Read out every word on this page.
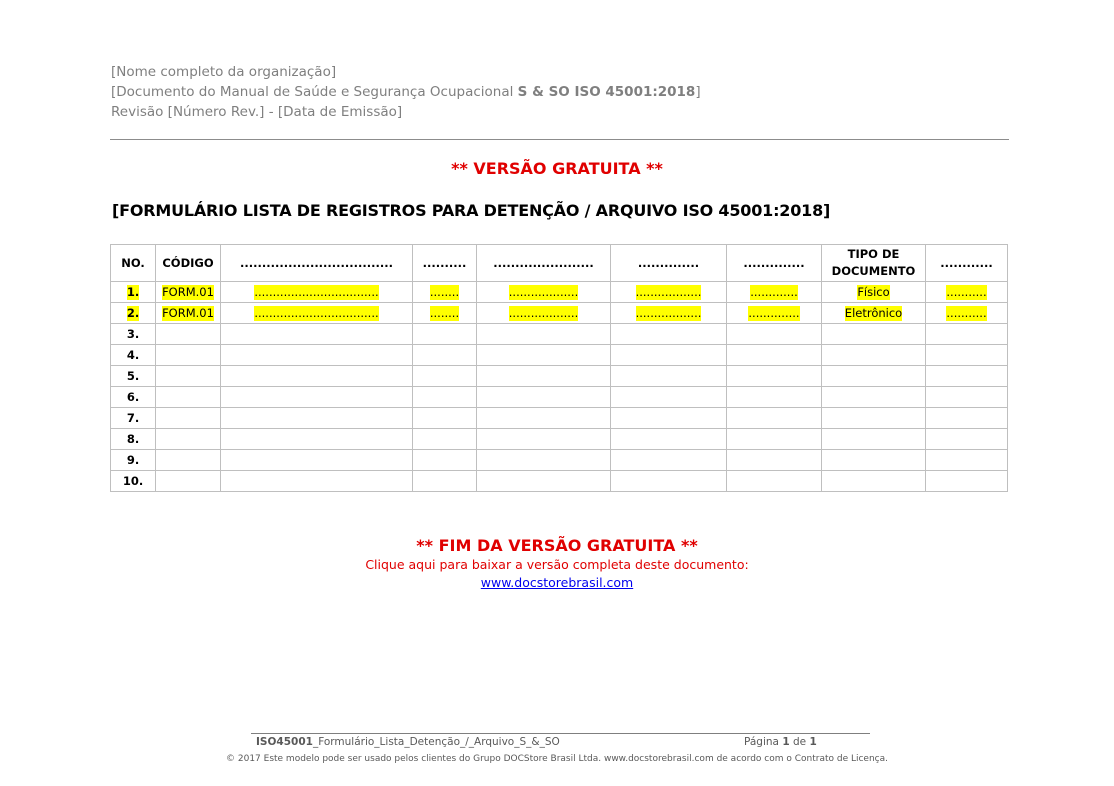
[Nome completo da organização]
[Documento do Manual de Saúde e Segurança Ocupacional S & SO ISO 45001:2018]
Revisão [Número Rev.] - [Data de Emissão]
** VERSÃO GRATUITA **
[FORMULÁRIO LISTA DE REGISTROS PARA DETENÇÃO / ARQUIVO ISO 45001:2018]
NO.	CÓDIGO	...................................	..........	.......................	..............	..............	TIPO DE DOCUMENTO	............
1.	FORM.01	..................................	........	...................	..................	.............	Físico	...........
2.	FORM.01	..................................	........	...................	..................	..............	Eletrônico	...........
3.								
4.								
5.								
6.								
7.								
8.								
9.								
10.								
** FIM DA VERSÃO GRATUITA **
Clique aqui para baixar a versão completa deste documento:
www.docstorebrasil.com
ISO45001_Formulário_Lista_Detenção_/_Arquivo_S_&_SO	Página 1 de 1
© 2017 Este modelo pode ser usado pelos clientes do Grupo DOCStore Brasil Ltda. www.docstorebrasil.com de acordo com o Contrato de Licença.
